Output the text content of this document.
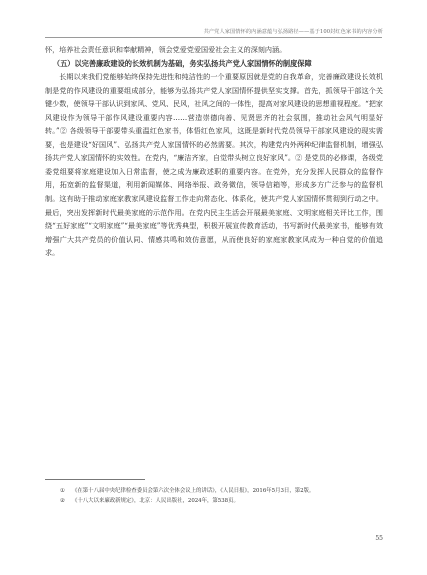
共产党人家国情怀的内涵意蕴与弘扬路径——基于100封红色家书的内容分析

怀，培养社会责任意识和奉献精神，领会党爱党爱国爱社会主义的深刻内涵。

（五）以完善廉政建设的长效机制为基础，务实弘扬共产党人家国情怀的制度保障

长期以来我们党能够始终保持先进性和纯洁性的一个重要原因就是党的自我革命，完善廉政建设长效机制是党的作风建设的重要组成部分，能够为弘扬共产党人家国情怀提供坚实支撑。首先，抓领导干部这个关键少数，使领导干部认识到家风、党风、民风，社风之间的一体性，提高对家风建设的思想重视程度。“把家风建设作为领导干部作风建设重要内容……营造崇德向善、见贤思齐的社会氛围，推动社会风气明显好转。”② 各级领导干部要带头重温红色家书，体悟红色家风，这既是新时代党员领导干部家风建设的现实需要，也是建设“好国风”、弘扬共产党人家国情怀的必然需要。其次，构建党内外两种纪律监督机制，增强弘扬共产党人家国情怀的实效性。在党内，“廉洁齐家，自觉带头树立良好家风”。② 是党员的必修课，各级党委党组要将家庭建设加入日常监督，使之成为廉政述职的重要内容。在党外，充分发挥人民群众的监督作用，拓宽新的监督渠道，利用新闻媒体、网络举报、政务微信，领导信箱等，形成多方广泛参与的监督机制。这有助于推动家庭家教家风建设监督工作走向常态化、体系化，使共产党人家国情怀贯彻到行动之中。最后，突出发挥新时代最美家庭的示范作用。在党内民主生活会开展最美家庭、文明家庭相关评比工作，围绕“五好家庭”“文明家庭”“最美家庭”等优秀典型，积极开展宣传教育活动，书写新时代最美家书，能够有效增强广大共产党员的价值认同、情感共鸣和效仿意愿，从而使良好的家庭家教家风成为一种自觉的价值追求。

①	《在第十八届中央纪律检查委员会第六次全体会议上的讲话》，《人民日报》，2016年5月3日，第2版。
②	《十八大以来廉政新规定》，北京：人民出版社，2024年，第538页。
55
